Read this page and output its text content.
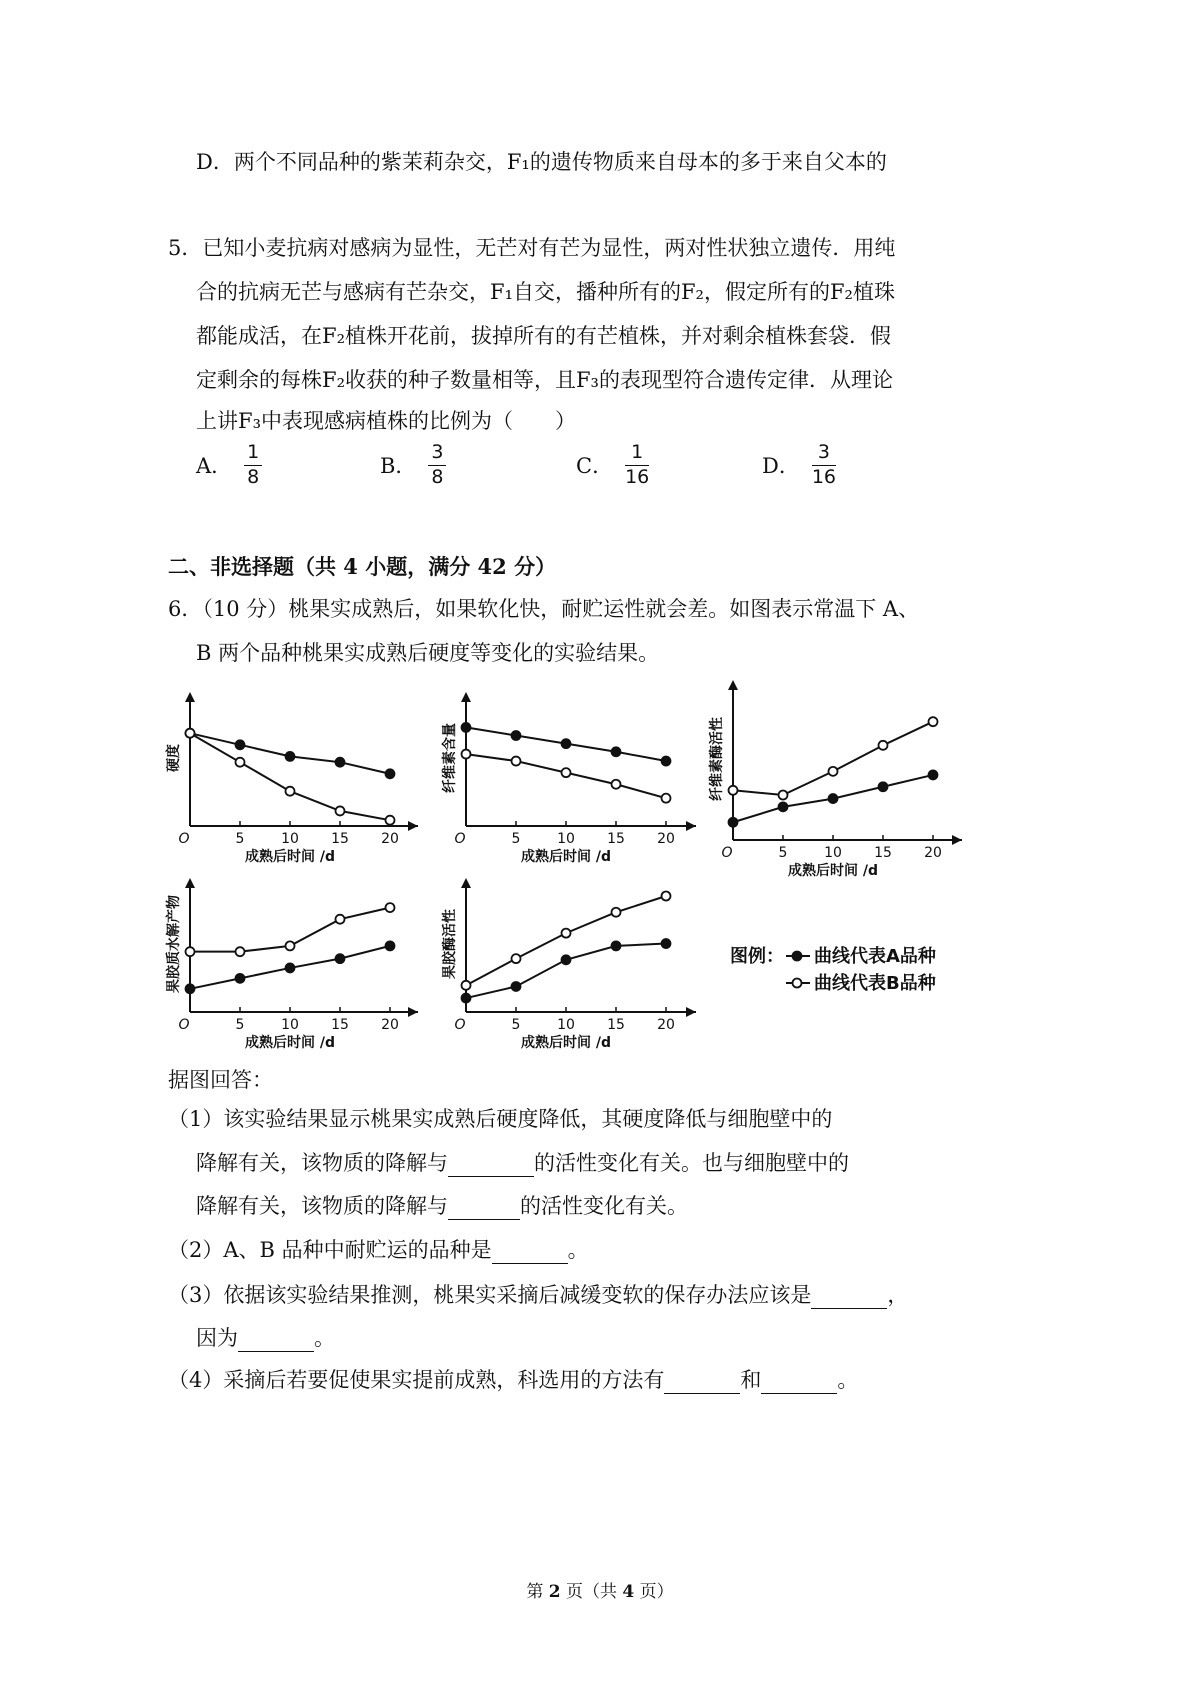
D．两个不同品种的紫茉莉杂交，F₁的遗传物质来自母本的多于来自父本的
5．已知小麦抗病对感病为显性，无芒对有芒为显性，两对性状独立遗传．用纯
合的抗病无芒与感病有芒杂交，F₁自交，播种所有的F₂，假定所有的F₂植珠
都能成活，在F₂植株开花前，拔掉所有的有芒植株，并对剩余植株套袋．假
定剩余的每株F₂收获的种子数量相等，且F₃的表现型符合遗传定律．从理论
上讲F₃中表现感病植株的比例为（　　）
A． $\frac{1}{8}$	B． $\frac{3}{8}$	C． $\frac{1}{16}$	D． $\frac{3}{16}$
二、非选择题（共 4 小题，满分 42 分）
6．（10 分）桃果实成熟后，如果软化快，耐贮运性就会差。如图表示常温下 A、
B 两个品种桃果实成熟后硬度等变化的实验结果。
O	5	10 15 20
成熟后时间 /d
硬度
O	5	10 15 20
成熟后时间 /d
纤维素含量
O	5	10 15 20
成熟后时间 /d
纤维素酶活性
O	5	10 15 20
成熟后时间 /d
果胶质水解产物
O	5	10 15 20
成熟后时间 /d
果胶酶活性	图例： 曲线代表A品种
曲线代表B品种
据图回答：
（1）该实验结果显示桃果实成熟后硬度降低，其硬度降低与细胞壁中的
降解有关，该物质的降解与	的活性变化有关。也与细胞壁中的
降解有关，该物质的降解与	的活性变化有关。
（2）A、B 品种中耐贮运的品种是	。
（3）依据该实验结果推测，桃果实采摘后减缓变软的保存办法应该是	，
因为	。
（4）采摘后若要促使果实提前成熟，科选用的方法有	和	。
第 2 页（共 4 页）
